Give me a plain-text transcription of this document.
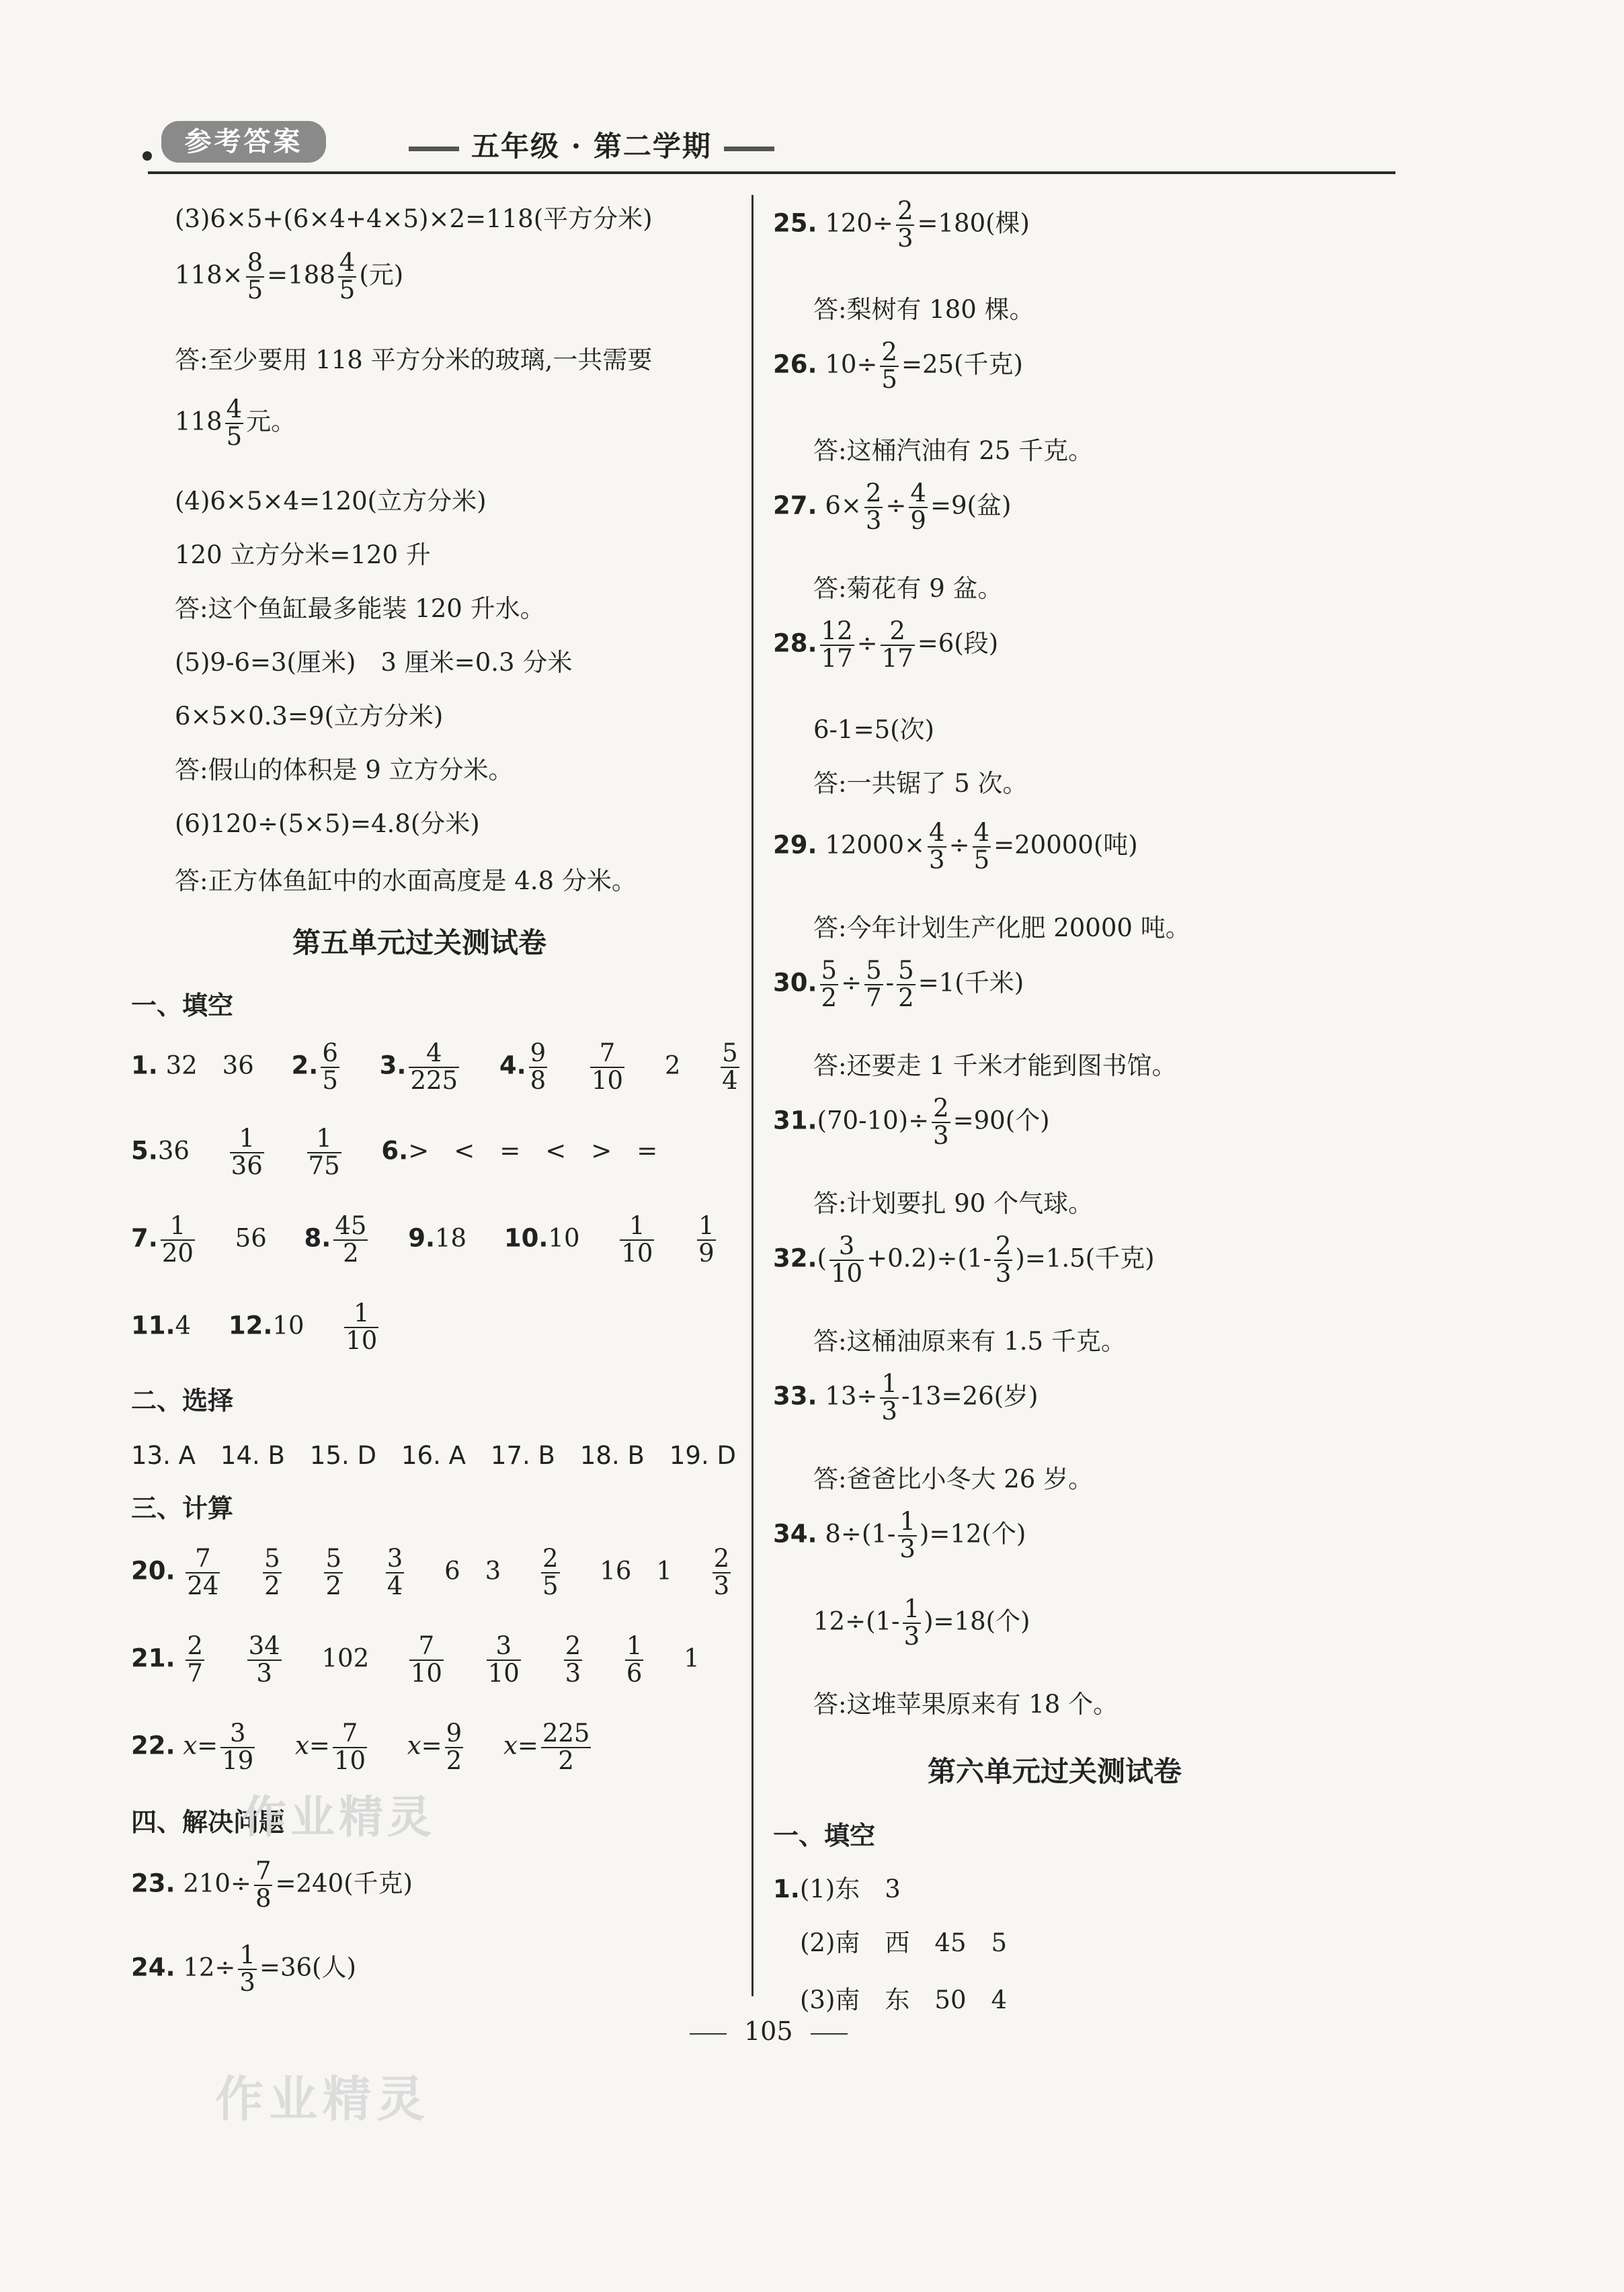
参考答案	五年级 · 第二学期
(3)6×5+(6×4+4×5)×2=118(平方分米)
$118\times \frac{8}{5} =188 \frac{4}{5}$ (元)
答:至少要用 118 平方分米的玻璃,一共需要
$118 \frac{4}{5}$ 元。
(4)6×5×4=120(立方分米)
120 立方分米=120 升
答:这个鱼缸最多能装 120 升水。
(5)9-6=3(厘米)　3 厘米=0.3 分米
6×5×0.3=9(立方分米)
答:假山的体积是 9 立方分米。
(6)120÷(5×5)=4.8(分米)
答:正方体鱼缸中的水面高度是 4.8 分米。
第五单元过关测试卷
一、填空
1. 32　36 2. $\frac{6}{5} 3$. $\frac{4}{225} 4$. $\frac{9}{8}$
$\frac{7}{10} 2 \frac{5}{4}$
$5.36 \frac{1}{36}$
$\frac{1}{75} 6.>$　<　=　<　>　=
7. $\frac{1}{20} 56$ 8. $\frac{45}{2} 9.18$ $10.10 \frac{1}{10}$
$\frac{1}{9}$
11.4 $12.10 \frac{1}{10}$
二、选择
13. A　14. B　15. D　16. A　17. B　18. B　19. D
三、计算
20. $\frac{7}{24}$
$\frac{5}{2}$
$\frac{5}{2}$
$\frac{3}{4} 6$　$3 \frac{2}{5} 16$　$1 \frac{2}{3}$
21. $\frac{2}{7}$
$\frac{34}{3} 102 \frac{7}{10}$
$\frac{3}{10}$
$\frac{2}{3}$
$\frac{1}{6} 1$
22. $x= \frac{3}{19} x= \frac{7}{10} x= \frac{9}{2} x= \frac{225}{2}$
四、解决问题
23. $210\div \frac{7}{8} =240$(千克)
24. $12\div \frac{1}{3} =36$(人)
25. $120\div \frac{2}{3} =180$(棵)
答:梨树有 180 棵。
26. $10\div \frac{2}{5} =25$(千克)
答:这桶汽油有 25 千克。
27. $6\times \frac{2}{3} \div \frac{4}{9} =9$(盆)
答:菊花有 9 盆。
28. $\frac{12}{17} \div \frac{2}{17} =6$(段)
6-1=5(次)
答:一共锯了 5 次。
29. $12000\times \frac{4}{3} \div \frac{4}{5} =20000$(吨)
答:今年计划生产化肥 20000 吨。
30. $\frac{5}{2} \div \frac{5}{7} - \frac{5}{2} =1$(千米)
答:还要走 1 千米才能到图书馆。
$31.(70-10)\div \frac{2}{3} =90$(个)
答:计划要扎 90 个气球。
$32.( \frac{3}{10} +0.2)\div(1- \frac{2}{3} )=1.5$(千克)
答:这桶油原来有 1.5 千克。
33. $13\div \frac{1}{3} -13=26$(岁)
答:爸爸比小冬大 26 岁。
34. $8\div(1- \frac{1}{3} )=12$(个)
$12\div(1- \frac{1}{3} )=18$(个)
答:这堆苹果原来有 18 个。
第六单元过关测试卷
一、填空
1.(1)东　3
(2)南　西　45　5
(3)南　东　50　4
105
作业精灵
作业精灵
